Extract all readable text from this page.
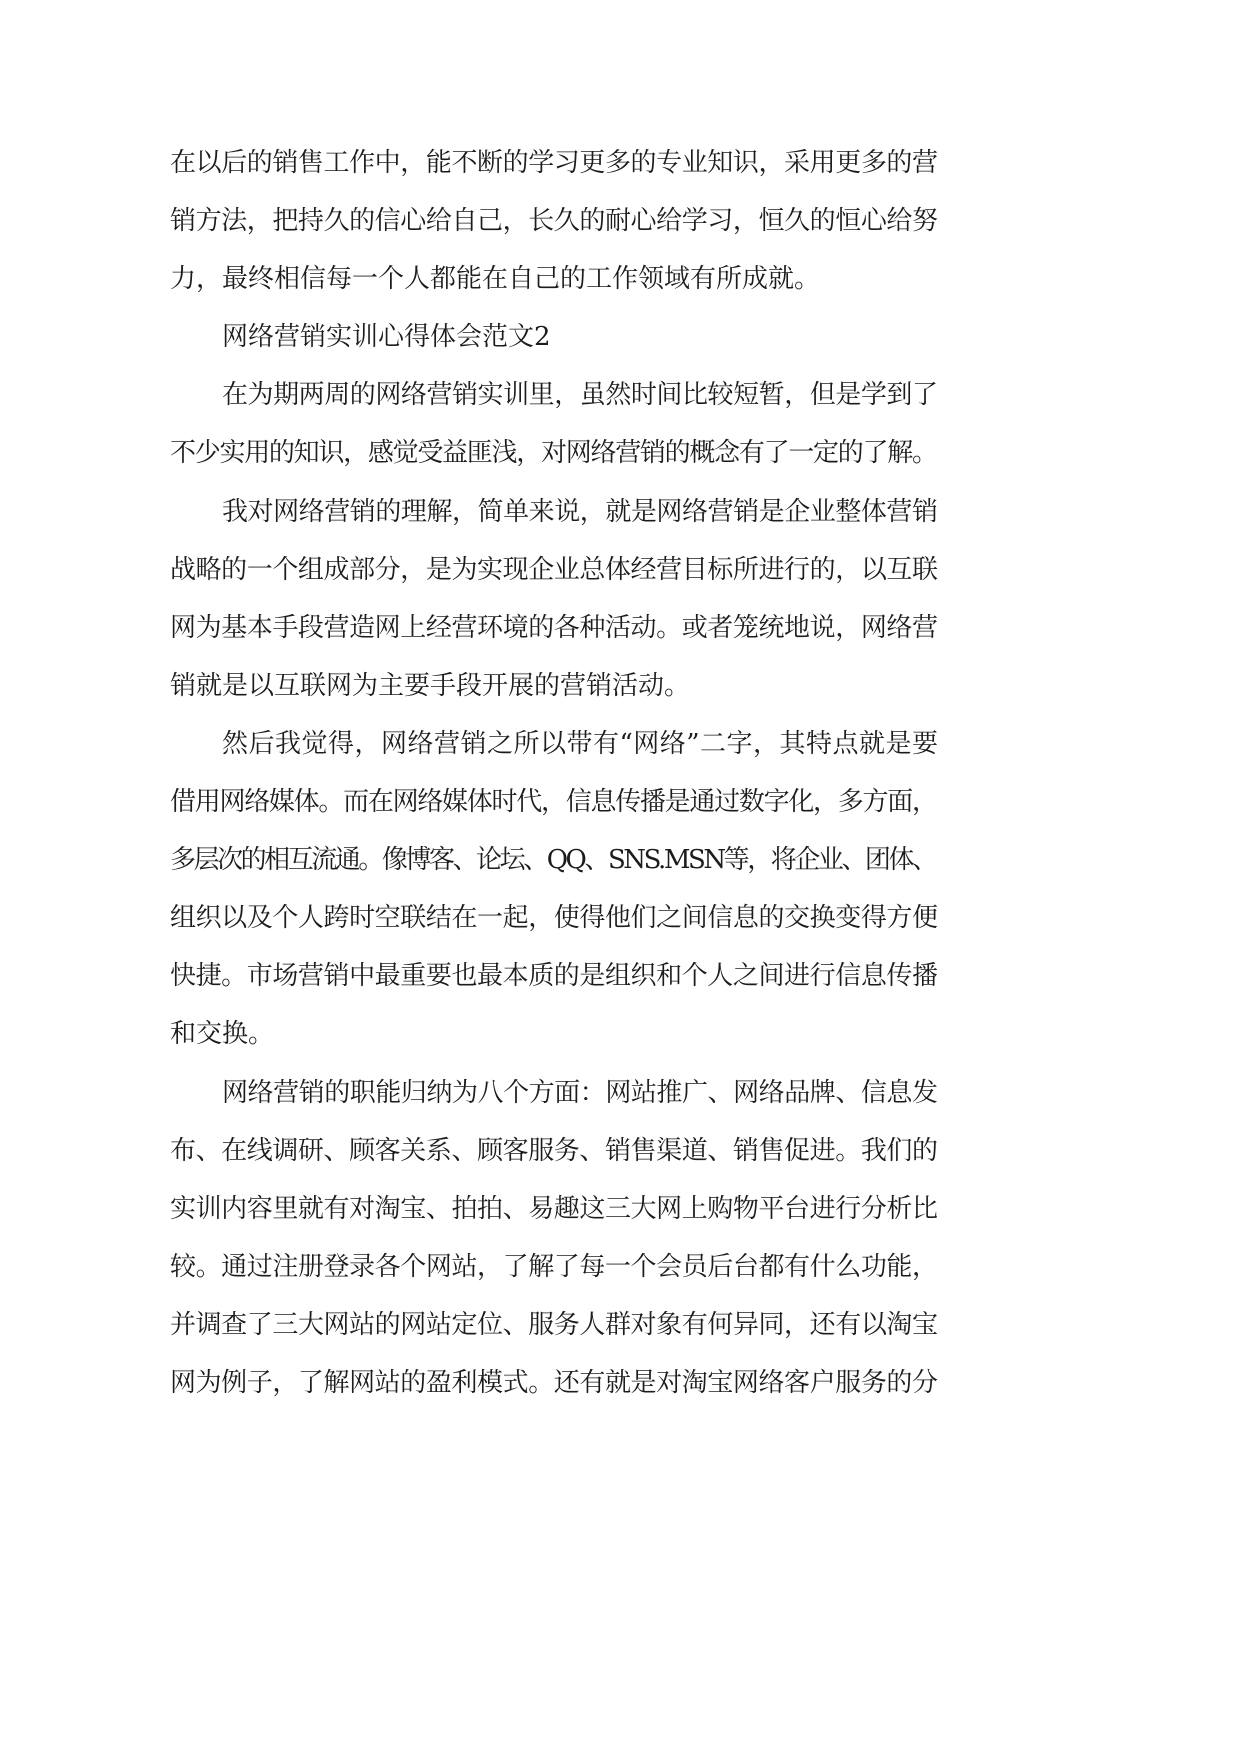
在以后的销售工作中，能不断的学习更多的专业知识，采用更多的营
销方法，把持久的信心给自己，长久的耐心给学习，恒久的恒心给努
力，最终相信每一个人都能在自己的工作领域有所成就。
网络营销实训心得体会范文2
在为期两周的网络营销实训里，虽然时间比较短暂，但是学到了
不少实用的知识，感觉受益匪浅，对网络营销的概念有了一定的了解。
我对网络营销的理解，简单来说，就是网络营销是企业整体营销
战略的一个组成部分，是为实现企业总体经营目标所进行的，以互联
网为基本手段营造网上经营环境的各种活动。或者笼统地说，网络营
销就是以互联网为主要手段开展的营销活动。
然后我觉得，网络营销之所以带有“网络”二字，其特点就是要
借用网络媒体。而在网络媒体时代，信息传播是通过数字化，多方面，
多层次的相互流通。像博客、论坛、QQ、SNS.MSN等，将企业、团体、
组织以及个人跨时空联结在一起，使得他们之间信息的交换变得方便
快捷。市场营销中最重要也最本质的是组织和个人之间进行信息传播
和交换。
网络营销的职能归纳为八个方面：网站推广、网络品牌、信息发
布、在线调研、顾客关系、顾客服务、销售渠道、销售促进。我们的
实训内容里就有对淘宝、拍拍、易趣这三大网上购物平台进行分析比
较。通过注册登录各个网站，了解了每一个会员后台都有什么功能，
并调查了三大网站的网站定位、服务人群对象有何异同，还有以淘宝
网为例子，了解网站的盈利模式。还有就是对淘宝网络客户服务的分
